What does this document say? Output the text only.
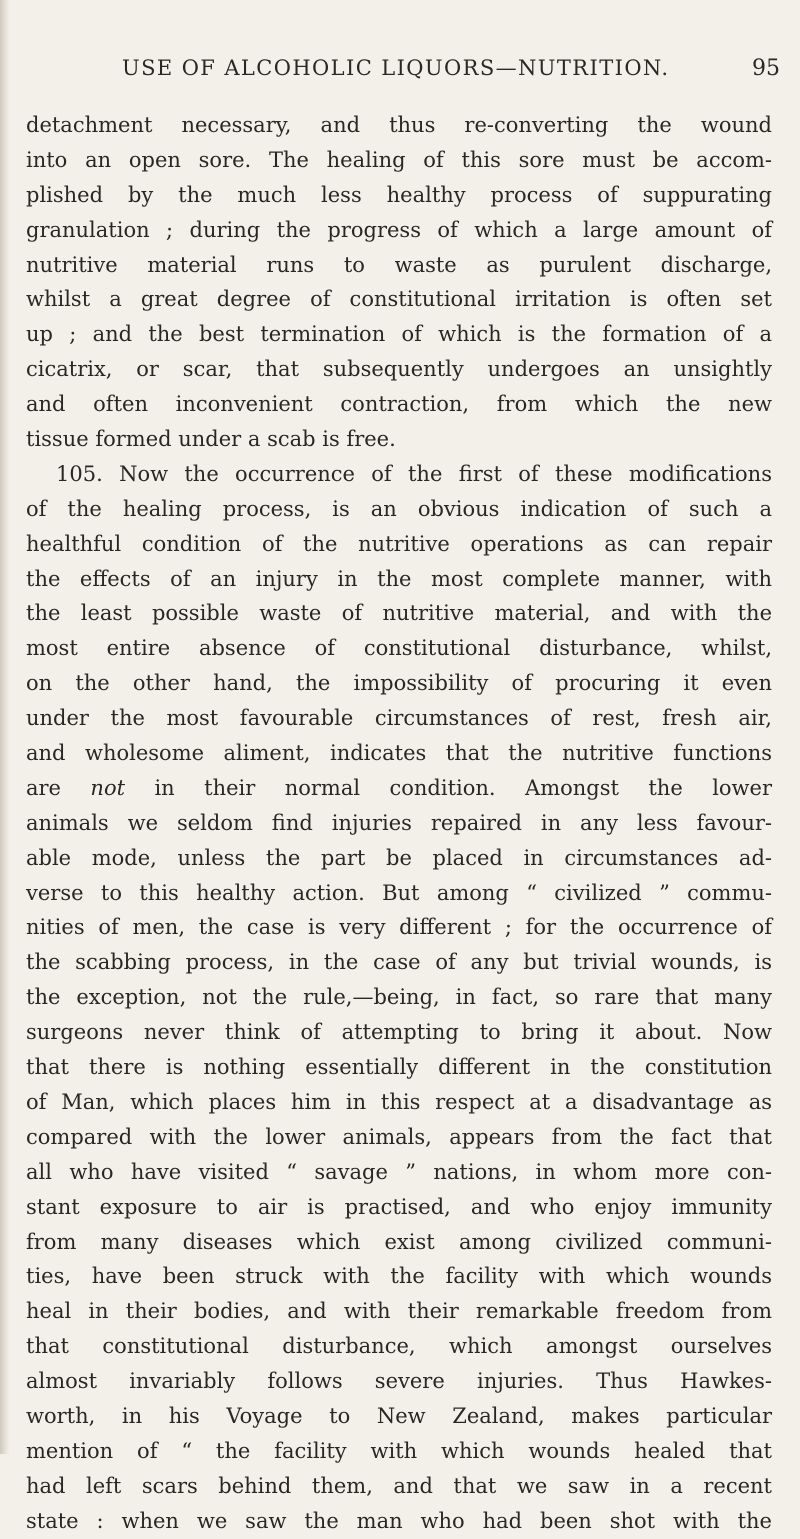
USE OF ALCOHOLIC LIQUORS—NUTRITION.	95
detachment necessary, and thus re-converting the wound
into an open sore. The healing of this sore must be accom-
plished by the much less healthy process of suppurating
granulation ; during the progress of which a large amount of
nutritive material runs to waste as purulent discharge,
whilst a great degree of constitutional irritation is often set
up ; and the best termination of which is the formation of a
cicatrix, or scar, that subsequently undergoes an unsightly
and often inconvenient contraction, from which the new
tissue formed under a scab is free.
105. Now the occurrence of the first of these modifications
of the healing process, is an obvious indication of such a
healthful condition of the nutritive operations as can repair
the effects of an injury in the most complete manner, with
the least possible waste of nutritive material, and with the
most entire absence of constitutional disturbance, whilst,
on the other hand, the impossibility of procuring it even
under the most favourable circumstances of rest, fresh air,
and wholesome aliment, indicates that the nutritive functions
are not in their normal condition. Amongst the lower
animals we seldom find injuries repaired in any less favour-
able mode, unless the part be placed in circumstances ad-
verse to this healthy action. But among “ civilized ” commu-
nities of men, the case is very different ; for the occurrence of
the scabbing process, in the case of any but trivial wounds, is
the exception, not the rule,—being, in fact, so rare that many
surgeons never think of attempting to bring it about. Now
that there is nothing essentially different in the constitution
of Man, which places him in this respect at a disadvantage as
compared with the lower animals, appears from the fact that
all who have visited “ savage ” nations, in whom more con-
stant exposure to air is practised, and who enjoy immunity
from many diseases which exist among civilized communi-
ties, have been struck with the facility with which wounds
heal in their bodies, and with their remarkable freedom from
that constitutional disturbance, which amongst ourselves
almost invariably follows severe injuries. Thus Hawkes-
worth, in his Voyage to New Zealand, makes particular
mention of “ the facility with which wounds healed that
had left scars behind them, and that we saw in a recent
state : when we saw the man who had been shot with the
